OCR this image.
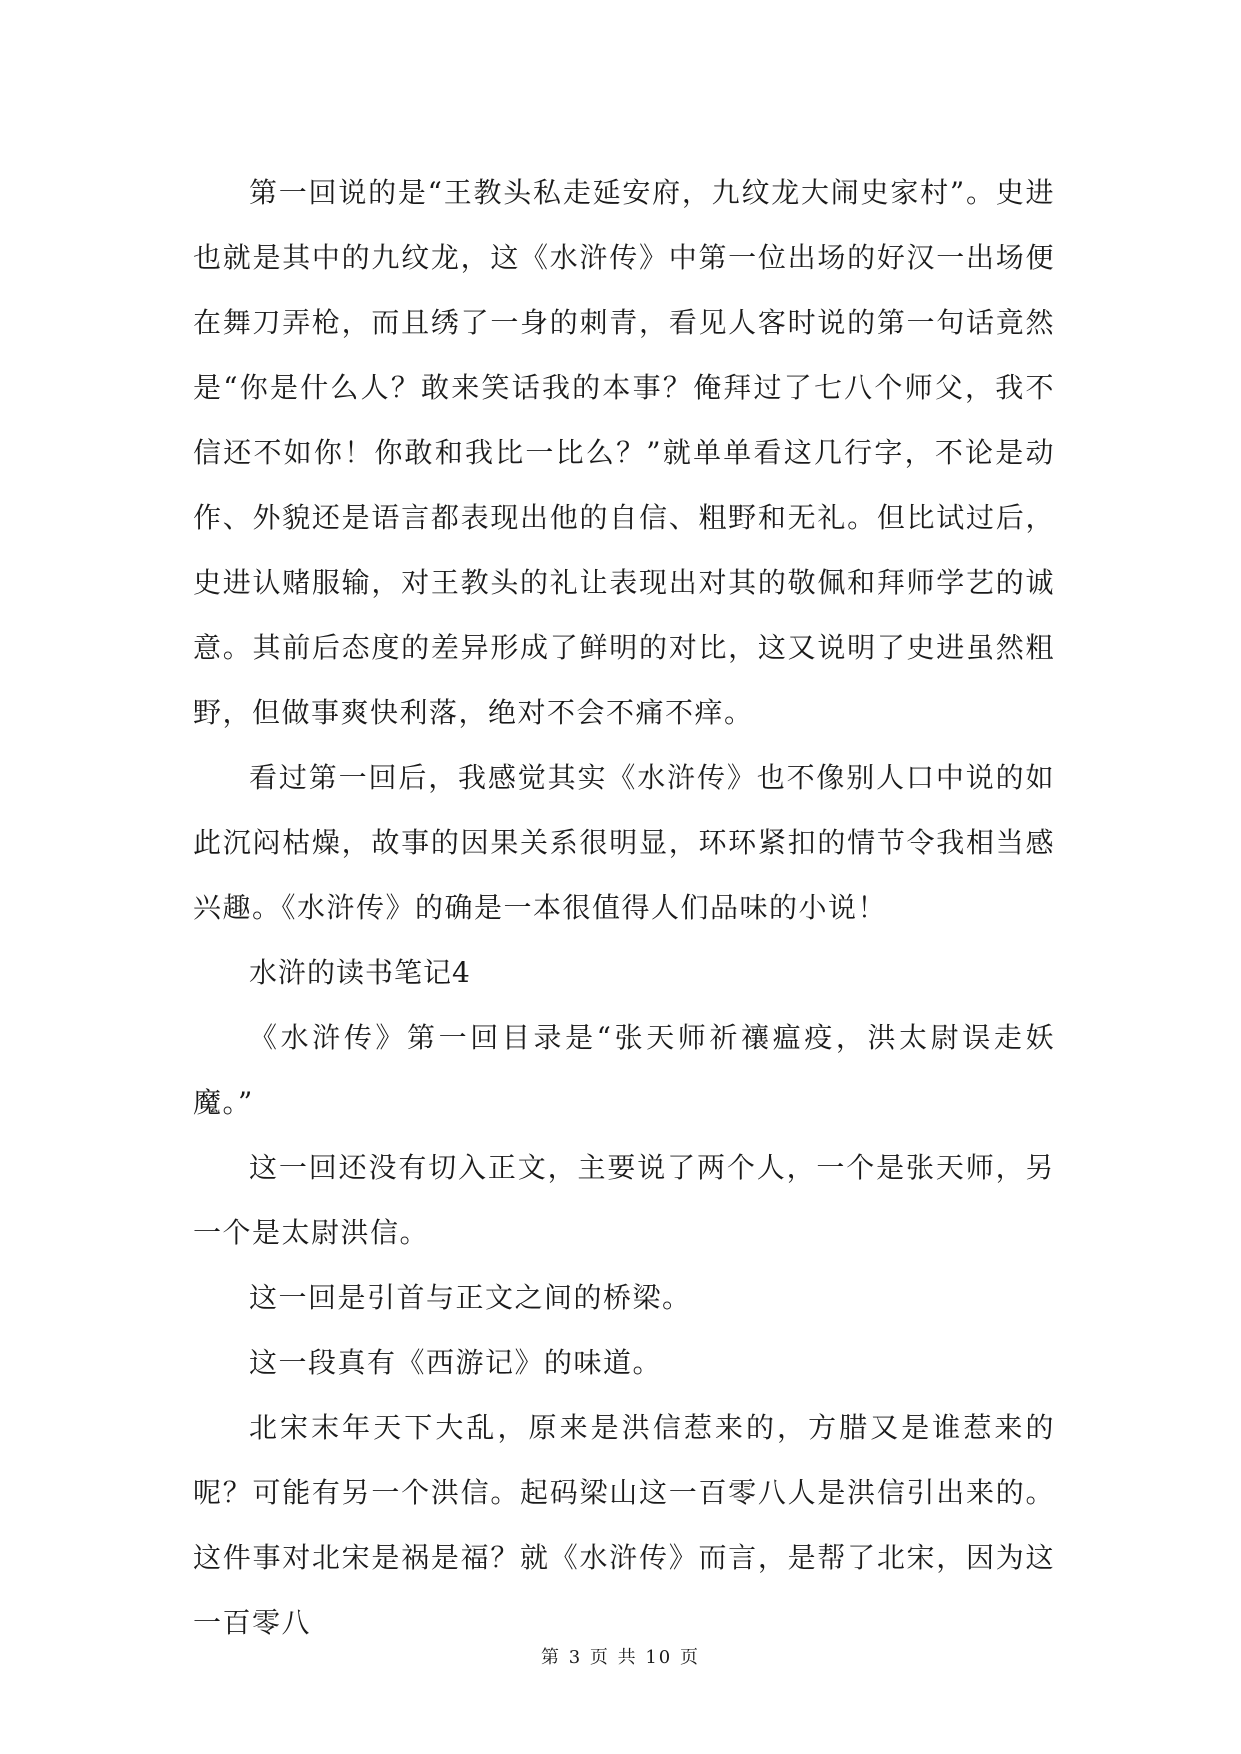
第一回说的是“王教头私走延安府，九纹龙大闹史家村”。史进也就是其中的九纹龙，这《水浒传》中第一位出场的好汉一出场便在舞刀弄枪，而且绣了一身的刺青，看见人客时说的第一句话竟然是“你是什么人？敢来笑话我的本事？俺拜过了七八个师父，我不信还不如你！你敢和我比一比么？”就单单看这几行字，不论是动作、外貌还是语言都表现出他的自信、粗野和无礼。但比试过后，史进认赌服输，对王教头的礼让表现出对其的敬佩和拜师学艺的诚意。其前后态度的差异形成了鲜明的对比，这又说明了史进虽然粗野，但做事爽快利落，绝对不会不痛不痒。

看过第一回后，我感觉其实《水浒传》也不像别人口中说的如此沉闷枯燥，故事的因果关系很明显，环环紧扣的情节令我相当感兴趣。《水浒传》的确是一本很值得人们品味的小说！

水浒的读书笔记4

《水浒传》第一回目录是“张天师祈禳瘟疫，洪太尉误走妖魔。”

这一回还没有切入正文，主要说了两个人，一个是张天师，另一个是太尉洪信。

这一回是引首与正文之间的桥梁。

这一段真有《西游记》的味道。

北宋末年天下大乱，原来是洪信惹来的，方腊又是谁惹来的呢？可能有另一个洪信。起码梁山这一百零八人是洪信引出来的。这件事对北宋是祸是福？就《水浒传》而言，是帮了北宋，因为这一百零八

第 3 页 共 10 页
